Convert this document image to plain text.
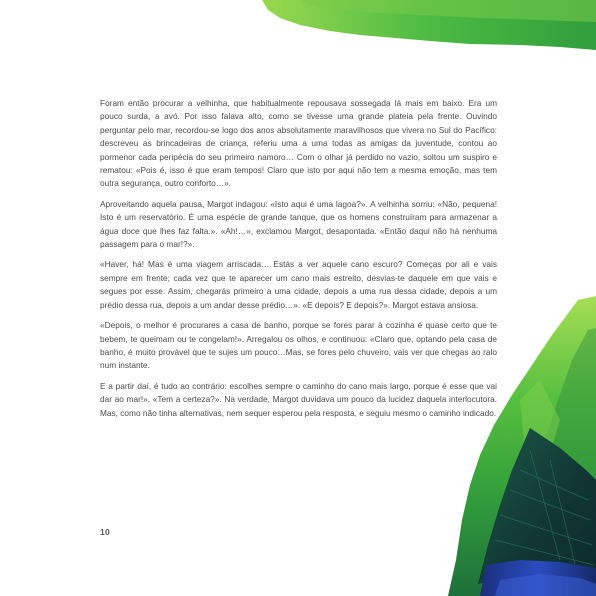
Foram então procurar a velhinha, que habitualmente repousava sossegada lá mais em baixo. Era um pouco surda, a avó. Por isso falava alto, como se tivesse uma grande plateia pela frente. Ouvindo perguntar pelo mar, recordou-se logo dos anos absolutamente maravilhosos que vivera no Sul do Pacífico: descreveu as brincadeiras de criança, referiu uma a uma todas as amigas da juventude, contou ao pormenor cada peripécia do seu primeiro namoro… Com o olhar já perdido no vazio, soltou um suspiro e rematou: «Pois é, isso é que eram tempos! Claro que isto por aqui não tem a mesma emoção, mas tem outra segurança, outro conforto…».

Aproveitando aquela pausa, Margot indagou: «Isto aqui é uma lagoa?». A velhinha sorriu: «Não, pequena! Isto é um reservatório. É uma espécie de grande tanque, que os homens construíram para armazenar a água doce que lhes faz falta.». «Ah!…», exclamou Margot, desapontada. «Então daqui não há nenhuma passagem para o mar!?».

«Haver, há! Mas é uma viagem arriscada… Estás a ver aquele cano escuro? Começas por ali e vais sempre em frente; cada vez que te aparecer um cano mais estreito, desvias-te daquele em que vais e segues por esse. Assim, chegarás primeiro a uma cidade, depois a uma rua dessa cidade, depois a um prédio dessa rua, depois a um andar desse prédio…». «E depois? E depois?». Margot estava ansiosa.

«Depois, o melhor é procurares a casa de banho, porque se fores parar à cozinha é quase certo que te bebem, te queimam ou te congelam!». Arregalou os olhos, e continuou: «Claro que, optando pela casa de banho, é muito provável que te sujes um pouco…Mas, se fores pelo chuveiro, vais ver que chegas ao ralo num instante.

E a partir daí, é tudo ao contrário: escolhes sempre o caminho do cano mais largo, porque é esse que vai dar ao mar!». «Tem a certeza?». Na verdade, Margot duvidava um pouco da lucidez daquela interlocutora. Mas, como não tinha alternativas, nem sequer esperou pela resposta, e seguiu mesmo o caminho indicado.

10
